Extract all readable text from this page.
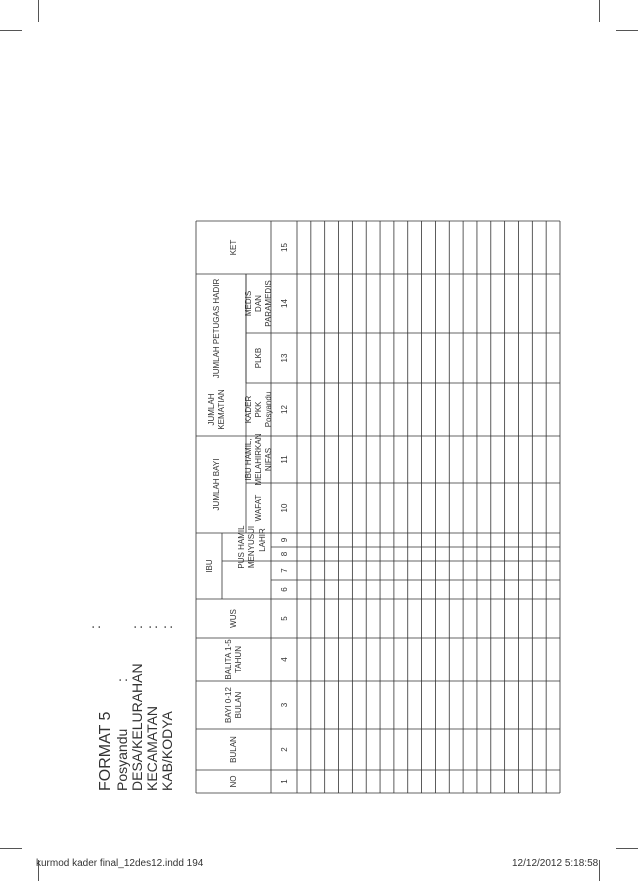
FORMAT 5 Posyandu DESA/KELURAHAN KECAMATAN KAB/KODYA
:
:
: : :
1
2
3
4
5
6
7
8
9
10
11
12
13
14
15
NO
BULAN
BAYI 0-12 BULAN
BALITA 1-5 TAHUN
WUS
LAHIR
WAFAT
IBU HAMIL, MELAHIRKAN NIFAS
KADER PKK Posyandu
PLKB
MEDIS DAN PARAMEDIS
KET
IBU	PUS HAMIL MENYUSUI
JUMLAH BAYI
JUMLAH KEMATIAN
JUMLAH PETUGAS HADIR
kurmod kader final_12des12.indd 194	12/12/2012 5:18:58
